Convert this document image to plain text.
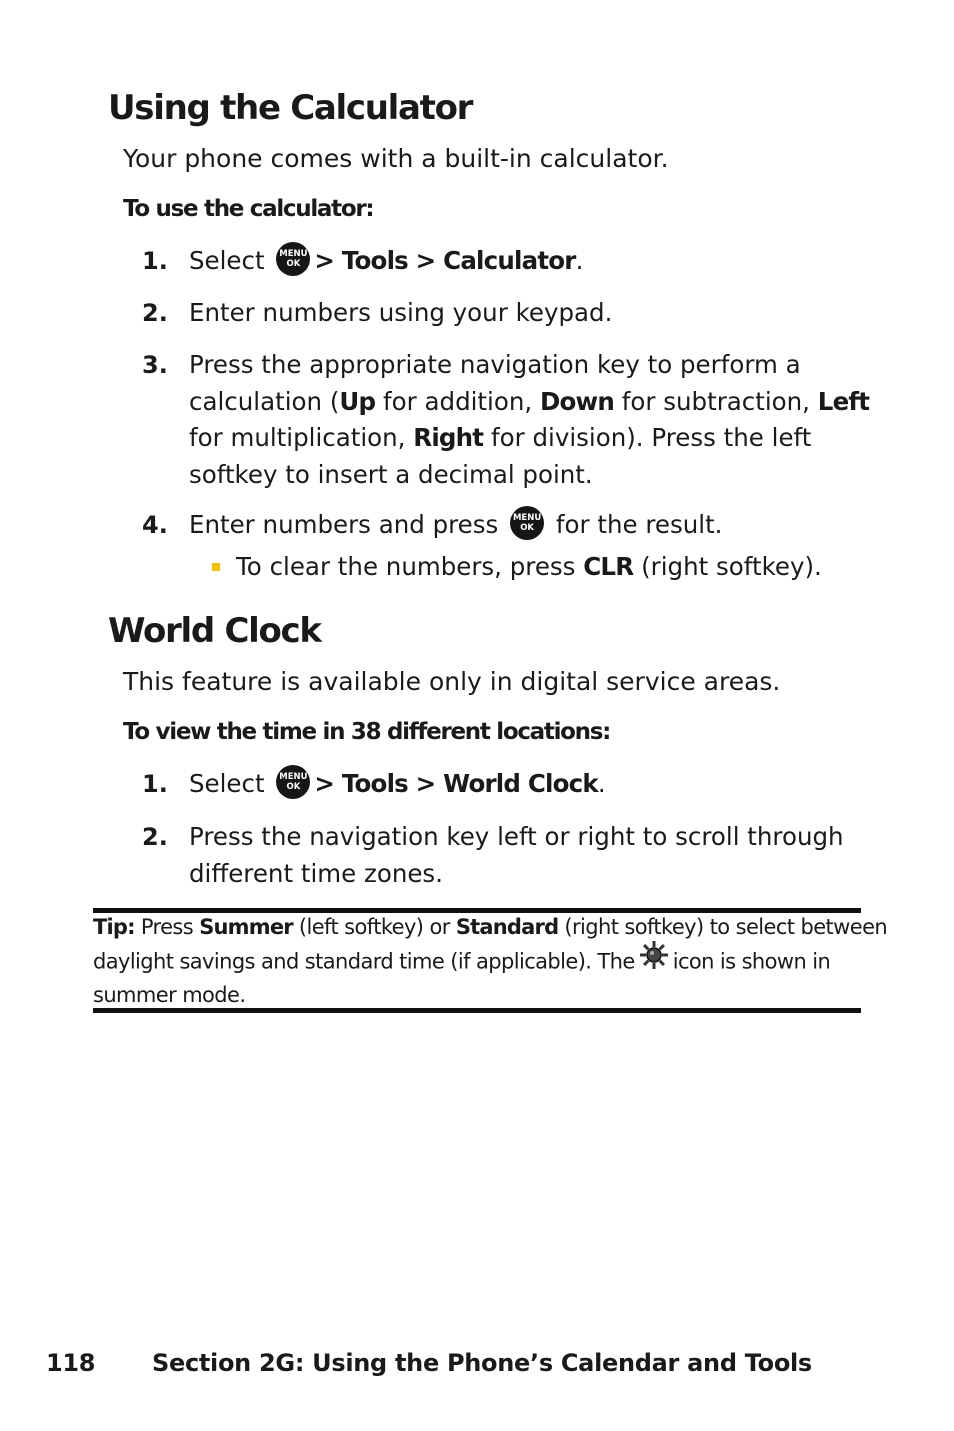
Using the Calculator

Your phone comes with a built-in calculator.

To use the calculator:

1. Select	MENU
OK > Tools > Calculator.
2. Enter numbers using your keypad.
3. Press the appropriate navigation key to perform a
calculation (Up for addition, Down for subtraction, Left
for multiplication, Right for division). Press the left
softkey to insert a decimal point.
4. Enter numbers and press	MENU
OK for the result.
To clear the numbers, press CLR (right softkey).
World Clock

This feature is available only in digital service areas.

To view the time in 38 different locations:

1. Select	MENU
OK > Tools > World Clock.
2. Press the navigation key left or right to scroll through
different time zones.
Tip: Press Summer (left softkey) or Standard (right softkey) to select between
daylight savings and standard time (if applicable). The icon is shown in
summer mode.
118 Section 2G: Using the Phone’s Calendar and Tools
